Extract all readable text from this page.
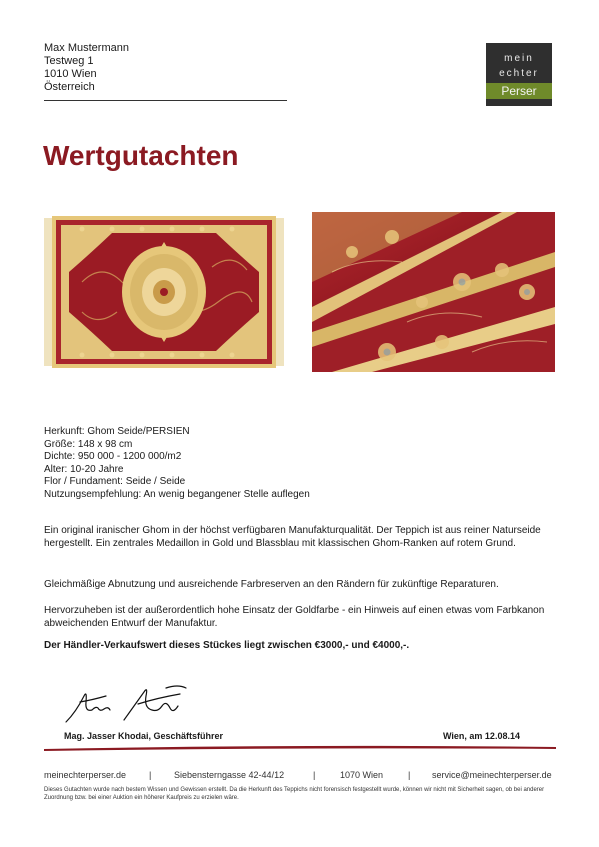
Max Mustermann
Testweg 1
1010 Wien
Österreich
mein
echter
Perser
Wertgutachten
Herkunft: Ghom Seide/PERSIEN
Größe: 148 x 98 cm
Dichte: 950 000 - 1200 000/m2
Alter: 10-20 Jahre
Flor / Fundament: Seide / Seide
Nutzungsempfehlung: An wenig begangener Stelle auflegen
Ein original iranischer Ghom in der höchst verfügbaren Manufakturqualität. Der Teppich ist aus reiner Naturseide hergestellt. Ein zentrales Medaillon in Gold und Blassblau mit klassischen Ghom-Ranken auf rotem Grund.
Gleichmäßige Abnutzung und ausreichende Farbreserven an den Rändern für zukünftige Reparaturen.
Hervorzuheben ist der außerordentlich hohe Einsatz der Goldfarbe - ein Hinweis auf einen etwas vom Farbkanon abweichenden Entwurf der Manufaktur.
Der Händler-Verkaufswert dieses Stückes liegt zwischen €3000,- und €4000,-.
Mag. Jasser Khodai, Geschäftsführer	Wien, am 12.08.14
meinechterperser.de	|	Siebensterngasse 42-44/12	|	1070 Wien	| service@meinechterperser.de
Dieses Gutachten wurde nach bestem Wissen und Gewissen erstellt. Da die Herkunft des Teppichs nicht forensisch festgestellt wurde, können wir nicht mit Sicherheit sagen, ob bei anderer Zuordnung bzw. bei einer Auktion ein höherer Kaufpreis zu erzielen wäre.
